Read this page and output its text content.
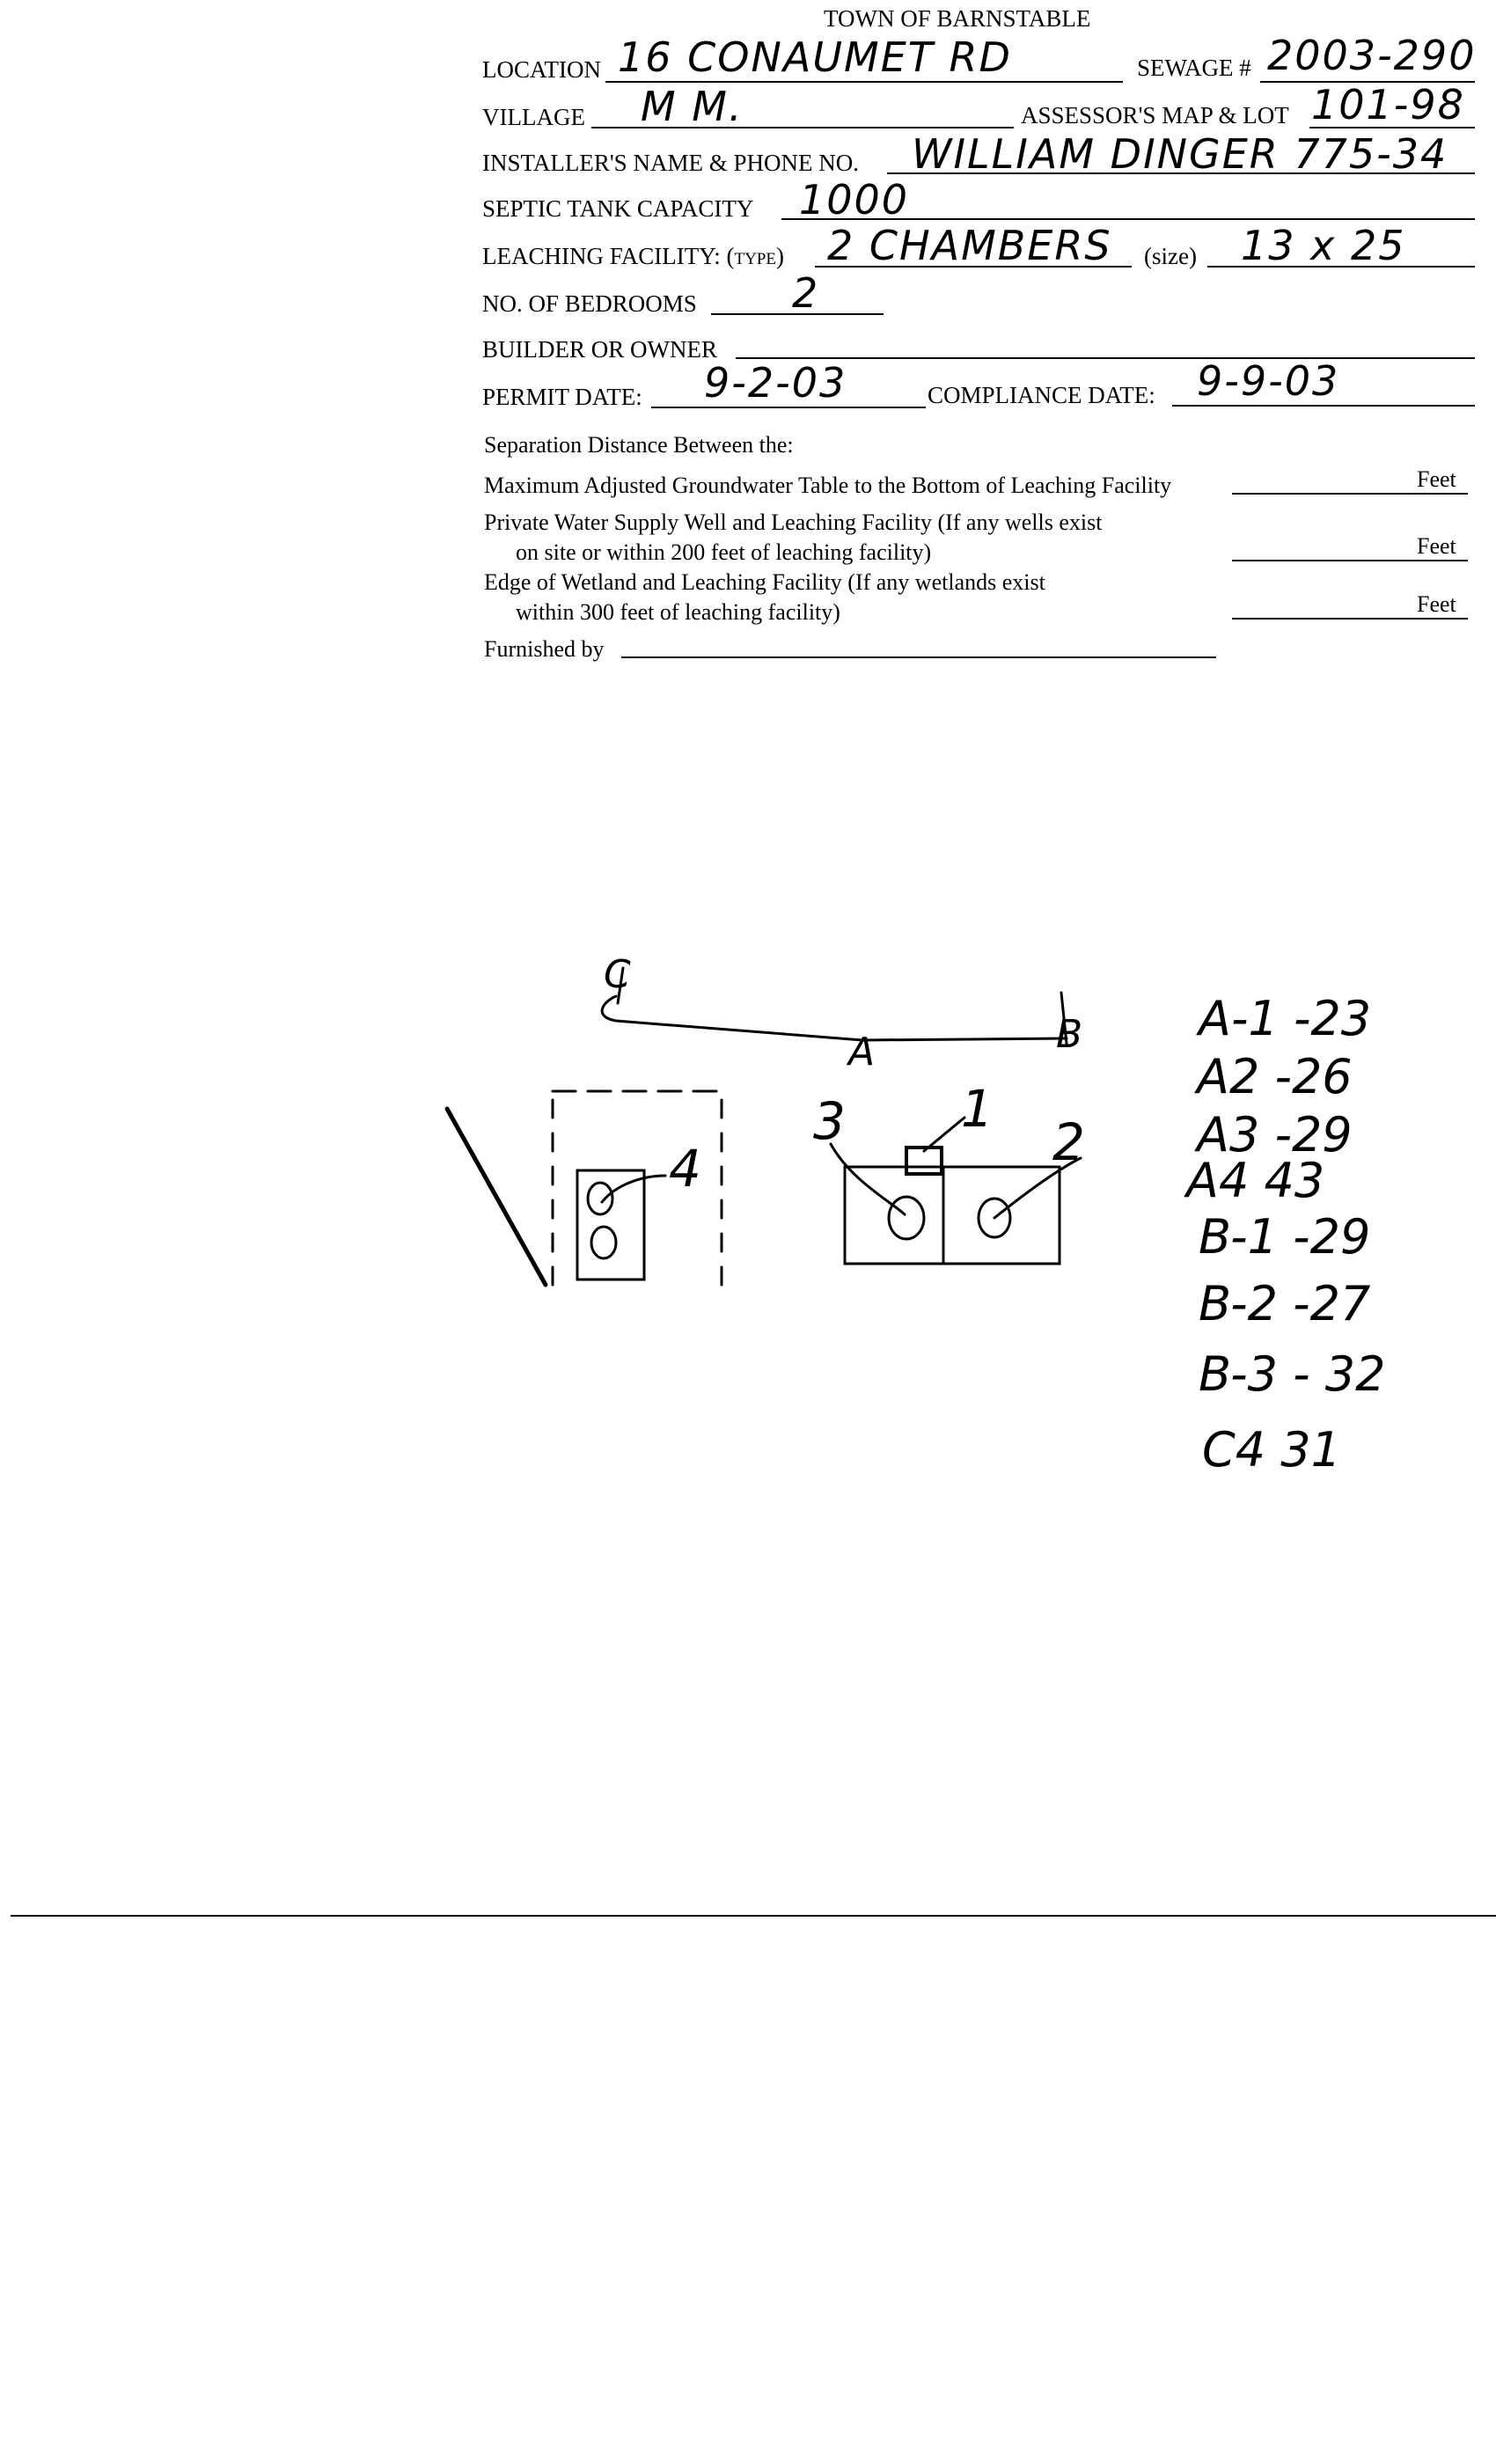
TOWN OF BARNSTABLE
LOCATION 16 CONAUMET RD	SEWAGE # 2003-290
VILLAGE M M.	ASSESSOR'S MAP & LOT 101-98
INSTALLER'S NAME & PHONE NO. WILLIAM DINGER 775-34
SEPTIC TANK CAPACITY 1000
LEACHING FACILITY: (type) 2 CHAMBERS (size) 13 x 25
NO. OF BEDROOMS 2
BUILDER OR OWNER
PERMIT DATE: 9-2-03	COMPLIANCE DATE: 9-9-03
Separation Distance Between the:
Maximum Adjusted Groundwater Table to the Bottom of Leaching Facility	Feet
Private Water Supply Well and Leaching Facility (If any wells exist
on site or within 200 feet of leaching facility)	Feet
Edge of Wetland and Leaching Facility (If any wetlands exist
within 300 feet of leaching facility)	Feet
Furnished by
C
A	B
1
2
3
4
A-1 -23
A2 -26
A3 -29
A4 43
B-1 -29
B-2 -27
B-3 - 32
C4 31
